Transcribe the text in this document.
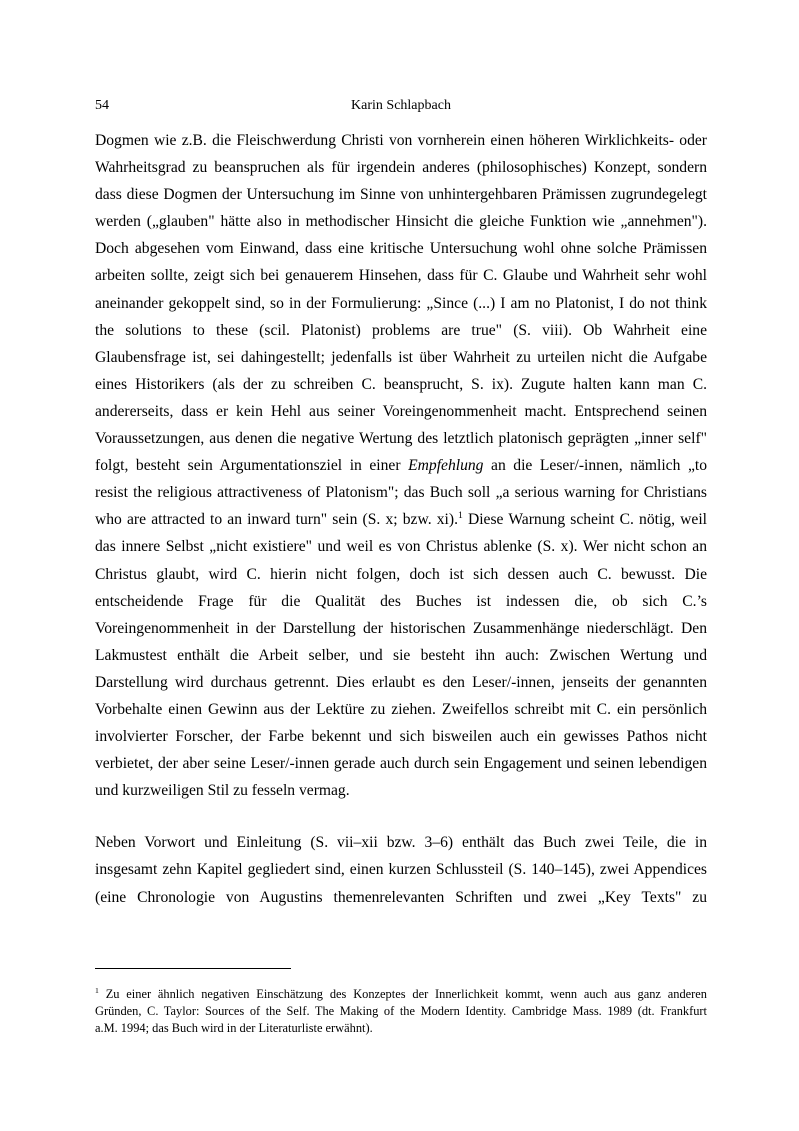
54	Karin Schlapbach
Dogmen wie z.B. die Fleischwerdung Christi von vornherein einen höheren Wirklichkeits- oder
Wahrheitsgrad zu beanspruchen als für irgendein anderes (philosophisches) Konzept, sondern
dass diese Dogmen der Untersuchung im Sinne von unhintergehbaren Prämissen zugrundegelegt
werden („glauben" hätte also in methodischer Hinsicht die gleiche Funktion wie „annehmen").
Doch abgesehen vom Einwand, dass eine kritische Untersuchung wohl ohne solche Prämissen
arbeiten sollte, zeigt sich bei genauerem Hinsehen, dass für C. Glaube und Wahrheit sehr wohl
aneinander gekoppelt sind, so in der Formulierung: „Since (...) I am no Platonist, I do not think
the solutions to these (scil. Platonist) problems are true" (S. viii). Ob Wahrheit eine
Glaubensfrage ist, sei dahingestellt; jedenfalls ist über Wahrheit zu urteilen nicht die Aufgabe
eines Historikers (als der zu schreiben C. beansprucht, S. ix). Zugute halten kann man C.
andererseits, dass er kein Hehl aus seiner Voreingenommenheit macht. Entsprechend seinen
Voraussetzungen, aus denen die negative Wertung des letztlich platonisch geprägten „inner self"
folgt, besteht sein Argumentationsziel in einer Empfehlung an die Leser/-innen, nämlich „to
resist the religious attractiveness of Platonism"; das Buch soll „a serious warning for Christians
who are attracted to an inward turn" sein (S. x; bzw. xi).$^1$ Diese Warnung scheint C. nötig, weil
das innere Selbst „nicht existiere" und weil es von Christus ablenke (S. x). Wer nicht schon an
Christus glaubt, wird C. hierin nicht folgen, doch ist sich dessen auch C. bewusst. Die
entscheidende Frage für die Qualität des Buches ist indessen die, ob sich C.’s
Voreingenommenheit in der Darstellung der historischen Zusammenhänge niederschlägt. Den
Lakmustest enthält die Arbeit selber, und sie besteht ihn auch: Zwischen Wertung und
Darstellung wird durchaus getrennt. Dies erlaubt es den Leser/-innen, jenseits der genannten
Vorbehalte einen Gewinn aus der Lektüre zu ziehen. Zweifellos schreibt mit C. ein persönlich
involvierter Forscher, der Farbe bekennt und sich bisweilen auch ein gewisses Pathos nicht
verbietet, der aber seine Leser/-innen gerade auch durch sein Engagement und seinen lebendigen
und kurzweiligen Stil zu fesseln vermag.
Neben Vorwort und Einleitung (S. vii–xii bzw. 3–6) enthält das Buch zwei Teile, die in
insgesamt zehn Kapitel gegliedert sind, einen kurzen Schlussteil (S. 140–145), zwei Appendices
(eine Chronologie von Augustins themenrelevanten Schriften und zwei „Key Texts" zu
$^1$ Zu einer ähnlich negativen Einschätzung des Konzeptes der Innerlichkeit kommt, wenn auch aus ganz anderen
Gründen, C. Taylor: Sources of the Self. The Making of the Modern Identity. Cambridge Mass. 1989 (dt. Frankfurt
a.M. 1994; das Buch wird in der Literaturliste erwähnt).
